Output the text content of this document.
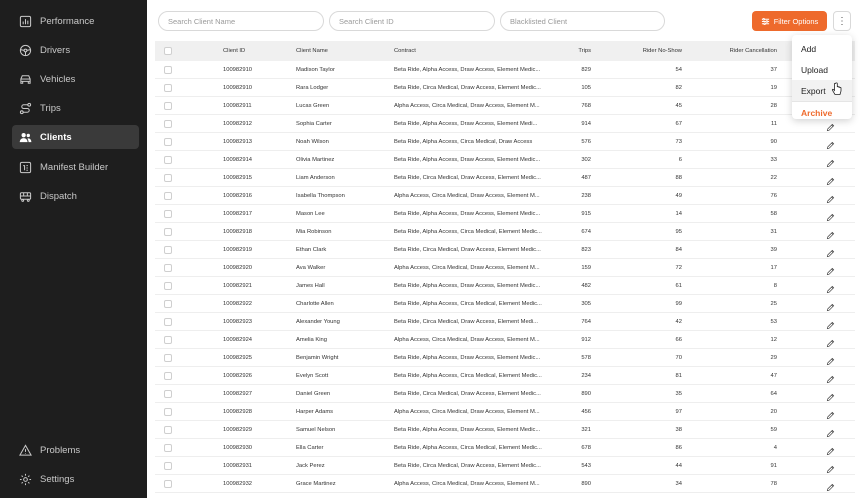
Performance
Drivers
Vehicles
Trips
Clients
Manifest Builder
Dispatch
Problems
Settings
Search Client Name
Search Client ID
Blacklisted Client
Filter Options ⋮
Client ID	Client Name	Contract	Trips	Rider No-Show	Rider Cancellation
100982910	Madison Taylor	Beta Ride, Alpha Access, Draw Access, Element Medic...	829	54	37
100982910	Rara Lodger	Beta Ride, Circa Medical, Draw Access, Element Medic...	105	82	19
100982911	Lucas Green	Alpha Access, Circa Medical, Draw Access, Element M...	768	45	28
100982912	Sophia Carter	Beta Ride, Alpha Access, Draw Access, Element Medi...	914	67	11
100982913	Noah Wilson	Beta Ride, Alpha Access, Circa Medical, Draw Access	576	73	90
100982914	Olivia Martinez	Beta Ride, Alpha Access, Draw Access, Element Medic...	302	6	33
100982915	Liam Anderson	Beta Ride, Circa Medical, Draw Access, Element Medic...	487	88	22
100982916	Isabella Thompson	Alpha Access, Circa Medical, Draw Access, Element M...	238	49	76
100982917	Mason Lee	Beta Ride, Alpha Access, Draw Access, Element Medic...	915	14	58
100982918	Mia Robinson	Beta Ride, Alpha Access, Circa Medical, Element Medic...	674	95	31
100982919	Ethan Clark	Beta Ride, Circa Medical, Draw Access, Element Medic...	823	84	39
100982920	Ava Walker	Alpha Access, Circa Medical, Draw Access, Element M...	159	72	17
100982921	James Hall	Beta Ride, Alpha Access, Draw Access, Element Medic...	482	61	8
100982922	Charlotte Allen	Beta Ride, Alpha Access, Circa Medical, Element Medic...	305	99	25
100982923	Alexander Young	Beta Ride, Circa Medical, Draw Access, Element Medi...	764	42	53
100982924	Amelia King	Alpha Access, Circa Medical, Draw Access, Element M...	912	66	12
100982925	Benjamin Wright	Beta Ride, Alpha Access, Draw Access, Element Medic...	578	70	29
100982926	Evelyn Scott	Beta Ride, Alpha Access, Circa Medical, Element Medic...	234	81	47
100982927	Daniel Green	Beta Ride, Circa Medical, Draw Access, Element Medic...	890	35	64
100982928	Harper Adams	Alpha Access, Circa Medical, Draw Access, Element M...	456	97	20
100982929	Samuel Nelson	Beta Ride, Alpha Access, Draw Access, Element Medic...	321	38	59
100982930	Ella Carter	Beta Ride, Alpha Access, Circa Medical, Element Medic...	678	86	4
100982931	Jack Perez	Beta Ride, Circa Medical, Draw Access, Element Medic...	543	44	91
100982932	Grace Martinez	Alpha Access, Circa Medical, Draw Access, Element M...	890	34	78
Add
Upload
Export
Archive
